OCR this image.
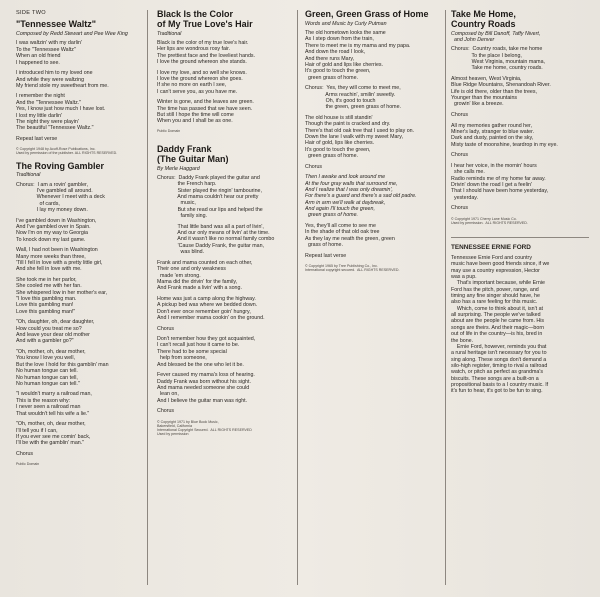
SIDE TWO
"Tennessee Waltz"
Composed by Redd Stewart and Pee Wee King
I was waltzin' with my darlin'
To the "Tennessee Waltz"
When an old friend
I happened to see.
I introduced him to my loved one
And while they were waltzing
My friend stole my sweetheart from me.
I remember the night
And the "Tennessee Waltz."
Yes, I know just how much I have lost.
I lost my little darlin'
The night they were playin'
The beautiful "Tennessee Waltz."
Repeat last verse
© Copyright 1948 by Acuff-Rose Publications, Inc.
Used by permission of the publisher. ALL RIGHTS RESERVED.
The Roving Gambler
Traditional
Chorus:  I am a rovin' gambler,
I've gambled all around.
Whenever I meet with a deck
of cards,
I lay my money down.
I've gambled down in Washington,
And I've gambled over in Spain.
Now I'm on my way to Georgia
To knock down my last game.
Wall, I had not been in Washington
Many more weeks than three,
'Till I fell in love with a pretty little girl,
And she fell in love with me.
She took me in her parlor,
She cooled me with her fan.
She whispered low in her mother's ear,
"I love this gambling man.
Love this gambling man!
Love this gambling man!"
"Oh, daughter, oh, dear daughter,
How could you treat me so?
And leave your dear old mother
And with a gambler go?"
"Oh, mother, oh, dear mother,
You know I love you well,
But the love I hold for this gamblin' man
No human tongue can tell.
No human tongue can tell,
No human tongue can tell."
"I wouldn't marry a railroad man,
This is the reason why:
I never seen a railroad man
That wouldn't tell his wife a lie."
"Oh, mother, oh, dear mother,
I'll tell you if I can,
If you ever see me comin' back,
I'll be with the gamblin' man."
Chorus
Public Domain
Black Is the Color
of My True Love's Hair
Traditional
Black is the color of my true love's hair.
Her lips are wondrous rosy fair.
The prettiest face and the loveliest hands.
I love the ground whereon she stands.
I love my love, and so well she knows.
I love the ground whereon she goes.
If she no more on earth I see,
I can't serve you, as you have me.
Winter is gone, and the leaves are green.
The time has passed that we have seen.
But still I hope the time will come
When you and I shall be as one.
Public Domain
Daddy Frank
(The Guitar Man)
By Merle Haggard
Chorus:  Daddy Frank played the guitar and
the French harp.
Sister played the ringin' tambourine,
And mama couldn't hear our pretty
music,
But she read our lips and helped the
family sing.
That little band was all a part of livin',
And our only means of livin' at the time.
And it wasn't like no normal family combo
'Cause Daddy Frank, the guitar man,
was blind.
Frank and mama counted on each other,
Their one and only weakness
made 'em strong.
Mama did the drivin' for the family,
And Frank made a livin' with a song.
Home was just a camp along the highway.
A pickup bed was where we bedded down.
Don't ever once remember goin' hungry,
And I remember mama cookin' on the ground.
Chorus
Don't remember how they got acquainted,
I can't recall just how it came to be.
There had to be some special
help from someone,
And blessed be the one who let it be.
Fever caused my mama's loss of hearing.
Daddy Frank was born without his sight.
And mama needed someone she could
lean on,
And I believe the guitar man was right.
Chorus
© Copyright 1971 by Blue Book Music,
Bakersfield, California
International Copyright Secured.  ALL RIGHTS RESERVED
Used by permission
Green, Green Grass of Home
Words and Music by Curly Putman
The old hometown looks the same
As I step down from the train,
There to meet me is my mama and my papa.
And down the road I look,
And there runs Mary,
Hair of gold and lips like cherries.
It's good to touch the green,
green grass of home.
Chorus:  Yes, they will come to meet me,
Arms reachin', smilin' sweetly.
Oh, it's good to touch
the green, green grass of home.
The old house is still standin'
Though the paint is cracked and dry.
There's that old oak tree that I used to play on.
Down the lane I walk with my sweet Mary,
Hair of gold, lips like cherries.
It's good to touch the green,
green grass of home.
Chorus
Then I awake and look around me
At the four gray walls that surround me,
And I realize that I was only dreamin',
For there's a guard and there's a sad old padre.
Arm in arm we'll walk at daybreak,
And again I'll touch the green,
green grass of home.
Yes, they'll all come to see me
In the shade of that old oak tree
As they lay me neath the green, green
grass of home.
Repeat last verse
© Copyright 1965 by Tree Publishing Co., Inc.
International copyright secured.  ALL RIGHTS RESERVED.
Take Me Home,
Country Roads
Composed by Bill Danoff, Taffy Nivert,
and John Denver
Chorus:  Country roads, take me home
To the place I belong,
West Virginia, mountain mama,
Take me home, country roads.
Almost heaven, West Virginia,
Blue Ridge Mountains, Shenandoah River.
Life is old there, older than the trees,
Younger than the mountains
growin' like a breeze.
Chorus
All my memories gather round her,
Miner's lady, stranger to blue water.
Dark and dusty, painted on the sky,
Misty taste of moonshine, teardrop in my eye.
Chorus
I hear her voice, in the mornin' hours
she calls me.
Radio reminds me of my home far away.
Drivin' down the road I get a feelin'
That I should have been home yesterday,
yesterday.
Chorus
© Copyright 1971 Cherry Lane Music Co.
Used by permission.  ALL RIGHTS RESERVED.
TENNESSEE ERNIE FORD
Tennessee Ernie Ford and country
music have been good friends since, if we
may use a country expression, Hector
was a pup.
That's important because, while Ernie
Ford has the pitch, power, range, and
timing any fine singer should have, he
also has a rare feeling for this music.
Which, come to think about it, isn't at
all surprising. The people we've talked
about are the people he came from. His
songs are theirs. And their magic—born
out of life in the country—is his, bred in
the bone.
Ernie Ford, however, reminds you that
a rural heritage isn't necessary for you to
sing along. These songs don't demand a
silo-high register, timing to rival a railroad
watch, or pitch as perfect as grandma's
biscuits. These songs are a built-on a
propositional basis to a I country music. If
it's fun to hear, it's got to be fun to sing.
